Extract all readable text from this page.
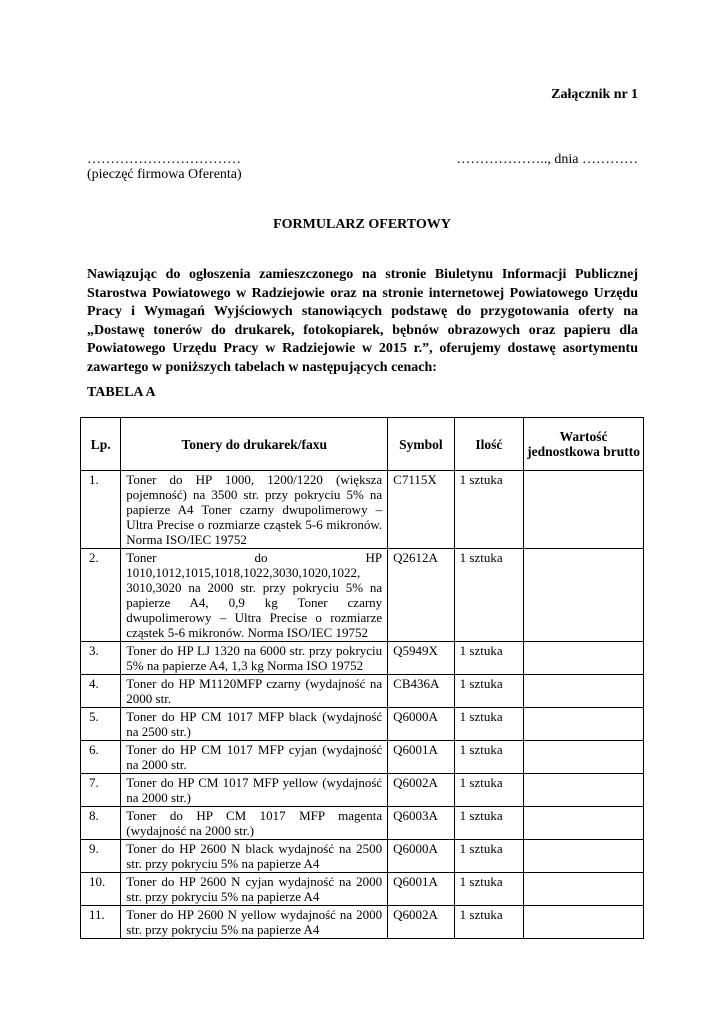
Załącznik nr 1
……………………………	……………….., dnia …………
(pieczęć firmowa Oferenta)
FORMULARZ OFERTOWY
Nawiązując do ogłoszenia zamieszczonego na stronie Biuletynu Informacji Publicznej Starostwa Powiatowego w Radziejowie oraz na stronie internetowej Powiatowego Urzędu Pracy i Wymagań Wyjściowych stanowiących podstawę do przygotowania oferty na „Dostawę tonerów do drukarek, fotokopiarek, bębnów obrazowych oraz papieru dla Powiatowego Urzędu Pracy w Radziejowie w 2015 r.”, oferujemy dostawę asortymentu zawartego w poniższych tabelach w następujących cenach:
TABELA A
Lp.	Tonery do drukarek/faxu	Symbol	Ilość	Wartość jednostkowa brutto
1.	Toner do HP 1000, 1200/1220 (większa pojemność) na 3500 str. przy pokryciu 5% na papierze A4 Toner czarny dwupolimerowy – Ultra Precise o rozmiarze cząstek 5-6 mikronów. Norma ISO/IEC 19752	C7115X	1 sztuka	
2.	Toner do HP 1010,1012,1015,1018,1022,3030,1020,1022, 3010,3020 na 2000 str. przy pokryciu 5% na papierze A4, 0,9 kg Toner czarny dwupolimerowy – Ultra Precise o rozmiarze cząstek 5-6 mikronów. Norma ISO/IEC 19752	Q2612A	1 sztuka	
3.	Toner do HP LJ 1320 na 6000 str. przy pokryciu 5% na papierze A4, 1,3 kg Norma ISO 19752	Q5949X	1 sztuka	
4.	Toner do HP M1120MFP czarny (wydajność na 2000 str.	CB436A	1 sztuka	
5.	Toner do HP CM 1017 MFP black (wydajność na 2500 str.)	Q6000A	1 sztuka	
6.	Toner do HP CM 1017 MFP cyjan (wydajność na 2000 str.	Q6001A	1 sztuka	
7.	Toner do HP CM 1017 MFP yellow (wydajność na 2000 str.)	Q6002A	1 sztuka	
8.	Toner do HP CM 1017 MFP magenta (wydajność na 2000 str.)	Q6003A	1 sztuka	
9.	Toner do HP 2600 N black wydajność na 2500 str. przy pokryciu 5% na papierze A4	Q6000A	1 sztuka	
10.	Toner do HP 2600 N cyjan wydajność na 2000 str. przy pokryciu 5% na papierze A4	Q6001A	1 sztuka	
11.	Toner do HP 2600 N yellow wydajność na 2000 str. przy pokryciu 5% na papierze A4	Q6002A	1 sztuka	
